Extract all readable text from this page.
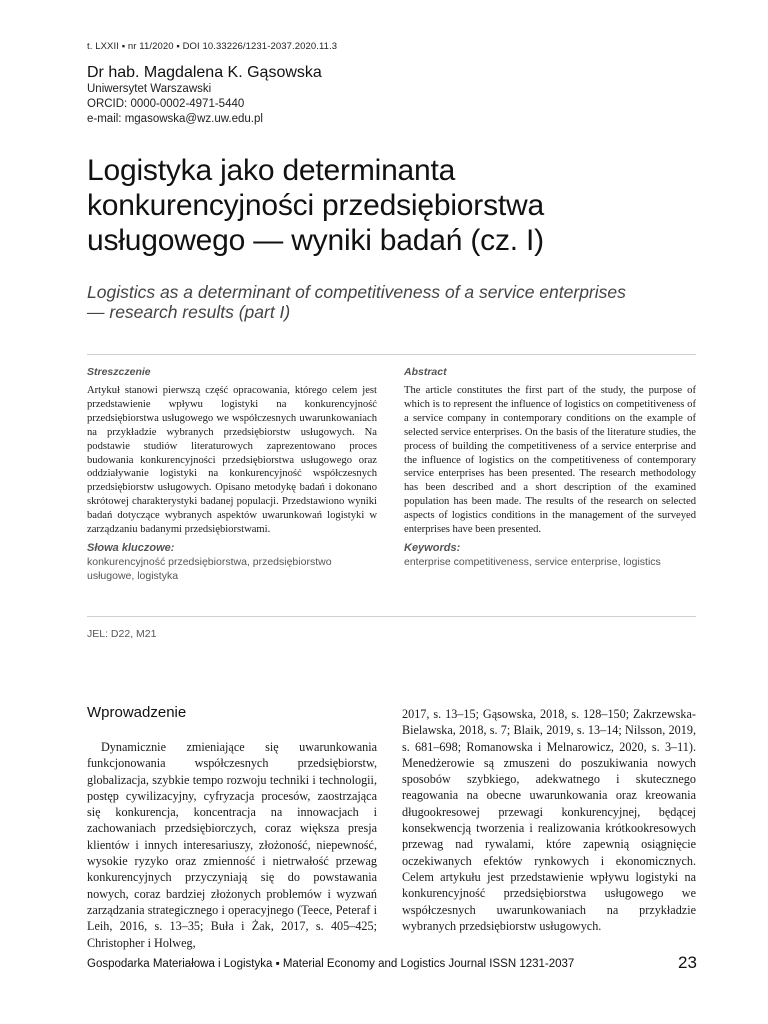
t. LXXII ▪ nr 11/2020 ▪ DOI 10.33226/1231-2037.2020.11.3
Dr hab. Magdalena K. Gąsowska
Uniwersytet Warszawski
ORCID: 0000-0002-4971-5440
e-mail: mgasowska@wz.uw.edu.pl
Logistyka jako determinanta
konkurencyjności przedsiębiorstwa
usługowego — wyniki badań (cz. I)
Logistics as a determinant of competitiveness of a service enterprises
— research results (part I)
Streszczenie
Artykuł stanowi pierwszą część opracowania, którego celem jest przedstawienie wpływu logistyki na konkurencyjność przedsiębiorstwa usługowego we współczesnych uwarunkowaniach na przykładzie wybranych przedsiębiorstw usługowych. Na podstawie studiów literaturowych zaprezentowano proces budowania konkurencyjności przedsiębiorstwa usługowego oraz oddziaływanie logistyki na konkurencyjność współczesnych przedsiębiorstw usługowych. Opisano metodykę badań i dokonano skrótowej charakterystyki badanej populacji. Przedstawiono wyniki badań dotyczące wybranych aspektów uwarunkowań logistyki w zarządzaniu badanymi przedsiębiorstwami.
Słowa kluczowe:
konkurencyjność przedsiębiorstwa, przedsiębiorstwo usługowe, logistyka
Abstract
The article constitutes the first part of the study, the purpose of which is to represent the influence of logistics on competitiveness of a service company in contemporary conditions on the example of selected service enterprises. On the basis of the literature studies, the process of building the competitiveness of a service enterprise and the influence of logistics on the competitiveness of contemporary service enterprises has been presented. The research methodology has been described and a short description of the examined population has been made. The results of the research on selected aspects of logistics conditions in the management of the surveyed enterprises have been presented.
Keywords:
enterprise competitiveness, service enterprise, logistics
JEL: D22, M21
Wprowadzenie
Dynamicznie zmieniające się uwarunkowania funkcjonowania współczesnych przedsiębiorstw, globalizacja, szybkie tempo rozwoju techniki i technologii, postęp cywilizacyjny, cyfryzacja procesów, zaostrzająca się konkurencja, koncentracja na innowacjach i zachowaniach przedsiębiorczych, coraz większa presja klientów i innych interesariuszy, złożoność, niepewność, wysokie ryzyko oraz zmienność i nietrwałość przewag konkurencyjnych przyczyniają się do powstawania nowych, coraz bardziej złożonych problemów i wyzwań zarządzania strategicznego i operacyjnego (Teece, Peteraf i Leih, 2016, s. 13–35; Buła i Żak, 2017, s. 405–425; Christopher i Holweg,
2017, s. 13–15; Gąsowska, 2018, s. 128–150; Zakrzewska-Bielawska, 2018, s. 7; Blaik, 2019, s. 13–14; Nilsson, 2019, s. 681–698; Romanowska i Melnarowicz, 2020, s. 3–11). Menedżerowie są zmuszeni do poszukiwania nowych sposobów szybkiego, adekwatnego i skutecznego reagowania na obecne uwarunkowania oraz kreowania długookresowej przewagi konkurencyjnej, będącej konsekwencją tworzenia i realizowania krótkookresowych przewag nad rywalami, które zapewnią osiągnięcie oczekiwanych efektów rynkowych i ekonomicznych. Celem artykułu jest przedstawienie wpływu logistyki na konkurencyjność przedsiębiorstwa usługowego we współczesnych uwarunkowaniach na przykładzie wybranych przedsiębiorstw usługowych.
Gospodarka Materiałowa i Logistyka ▪ Material Economy and Logistics Journal ISSN 1231-2037	23
